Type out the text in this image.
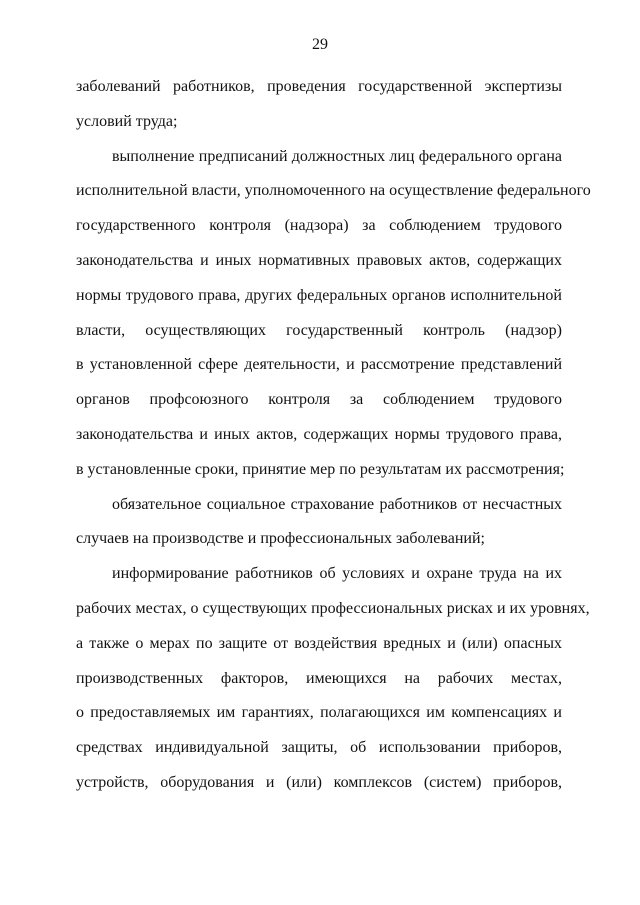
29
заболеваний работников, проведения государственной экспертизы
условий труда;
выполнение предписаний должностных лиц федерального органа
исполнительной власти, уполномоченного на осуществление федерального
государственного контроля (надзора) за соблюдением трудового
законодательства и иных нормативных правовых актов, содержащих
нормы трудового права, других федеральных органов исполнительной
власти, осуществляющих государственный контроль (надзор)
в установленной сфере деятельности, и рассмотрение представлений
органов профсоюзного контроля за соблюдением трудового
законодательства и иных актов, содержащих нормы трудового права,
в установленные сроки, принятие мер по результатам их рассмотрения;
обязательное социальное страхование работников от несчастных
случаев на производстве и профессиональных заболеваний;
информирование работников об условиях и охране труда на их
рабочих местах, о существующих профессиональных рисках и их уровнях,
а также о мерах по защите от воздействия вредных и (или) опасных
производственных факторов, имеющихся на рабочих местах,
о предоставляемых им гарантиях, полагающихся им компенсациях и
средствах индивидуальной защиты, об использовании приборов,
устройств, оборудования и (или) комплексов (систем) приборов,
